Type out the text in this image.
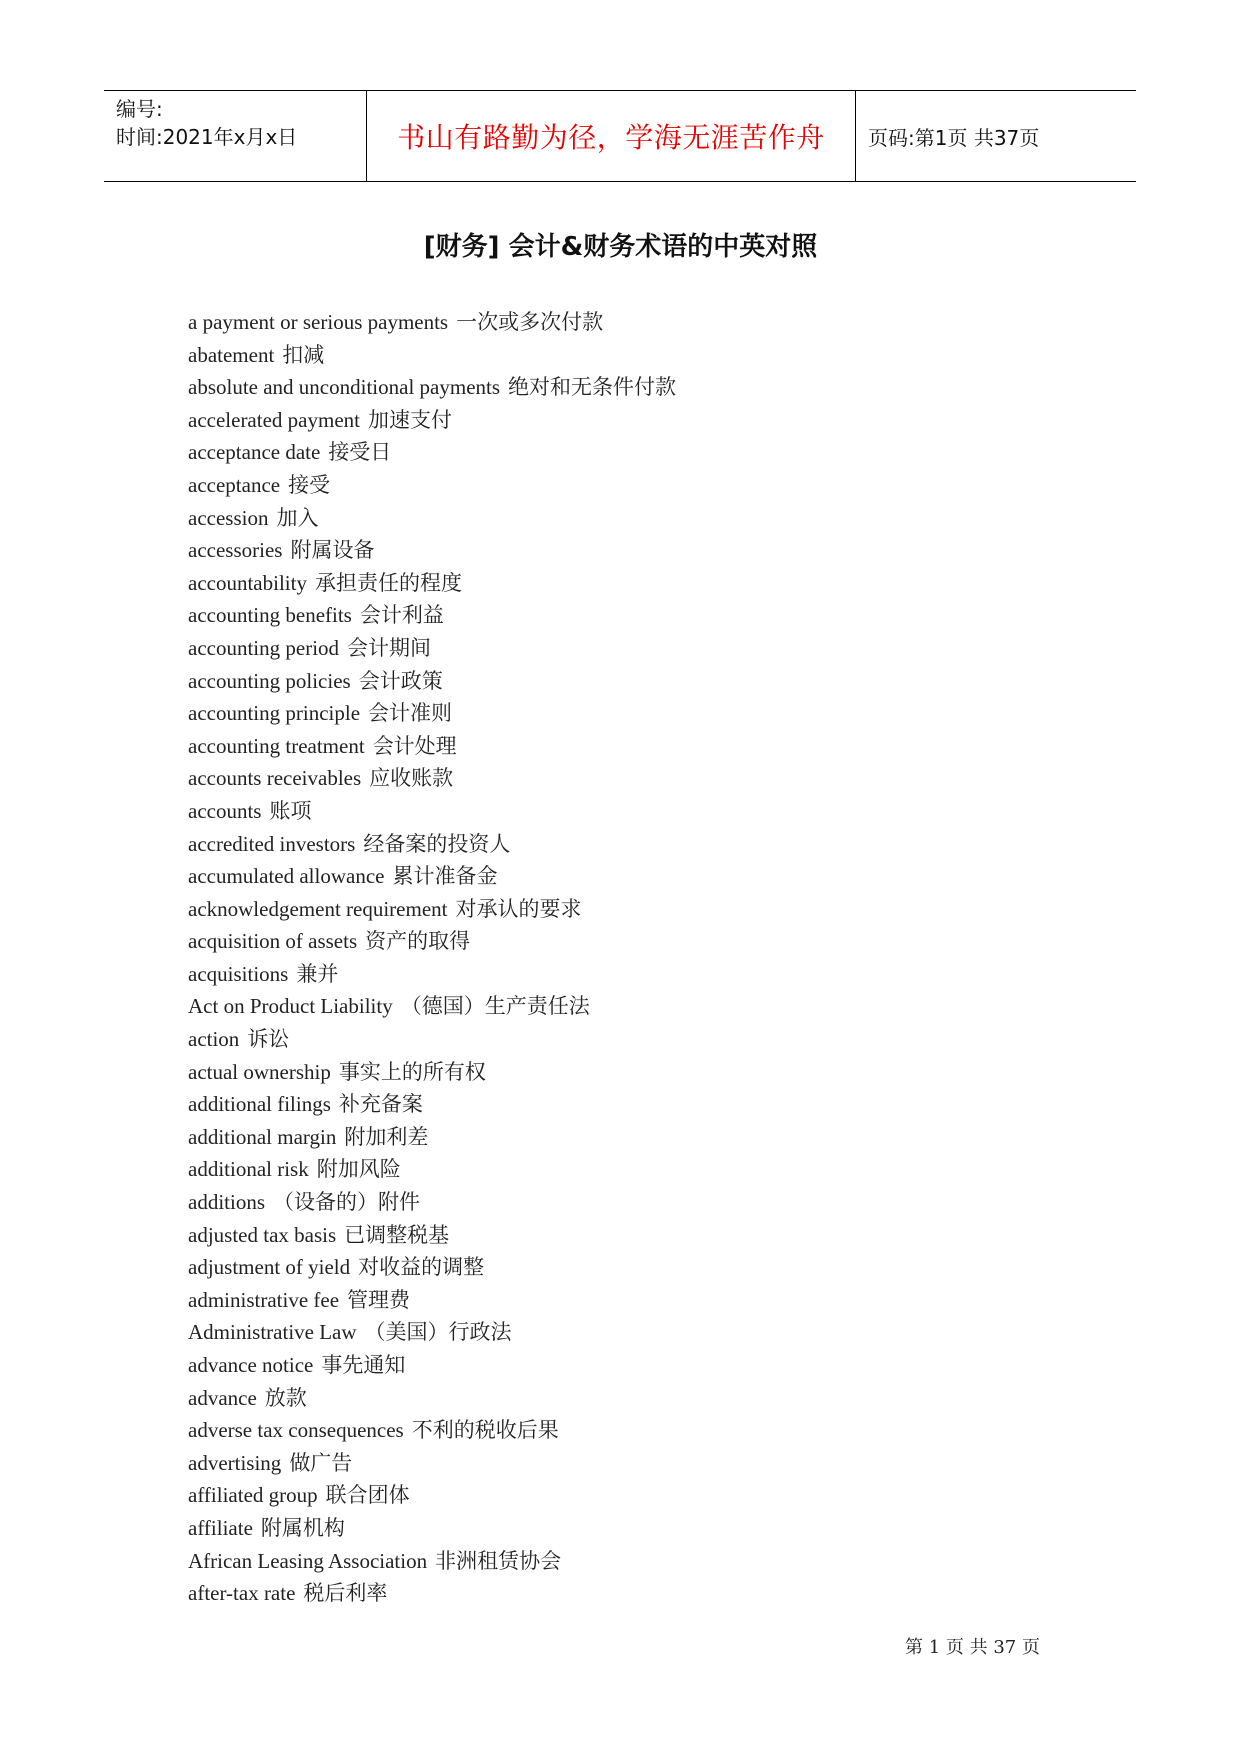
编号:
时间:2021年x月x日	书山有路勤为径，学海无涯苦作舟	页码:第1页 共37页
[财务] 会计&财务术语的中英对照
a payment or serious payments 一次或多次付款
abatement 扣减
absolute and unconditional payments 绝对和无条件付款
accelerated payment 加速支付
acceptance date 接受日
acceptance 接受
accession 加入
accessories 附属设备
accountability 承担责任的程度
accounting benefits 会计利益
accounting period 会计期间
accounting policies 会计政策
accounting principle 会计准则
accounting treatment 会计处理
accounts receivables 应收账款
accounts 账项
accredited investors 经备案的投资人
accumulated allowance 累计准备金
acknowledgement requirement 对承认的要求
acquisition of assets 资产的取得
acquisitions 兼并
Act on Product Liability （德国）生产责任法
action 诉讼
actual ownership 事实上的所有权
additional filings 补充备案
additional margin 附加利差
additional risk 附加风险
additions （设备的）附件
adjusted tax basis 已调整税基
adjustment of yield 对收益的调整
administrative fee 管理费
Administrative Law （美国）行政法
advance notice 事先通知
advance 放款
adverse tax consequences 不利的税收后果
advertising 做广告
affiliated group 联合团体
affiliate 附属机构
African Leasing Association 非洲租赁协会
after-tax rate 税后利率
第 1 页 共 37 页
